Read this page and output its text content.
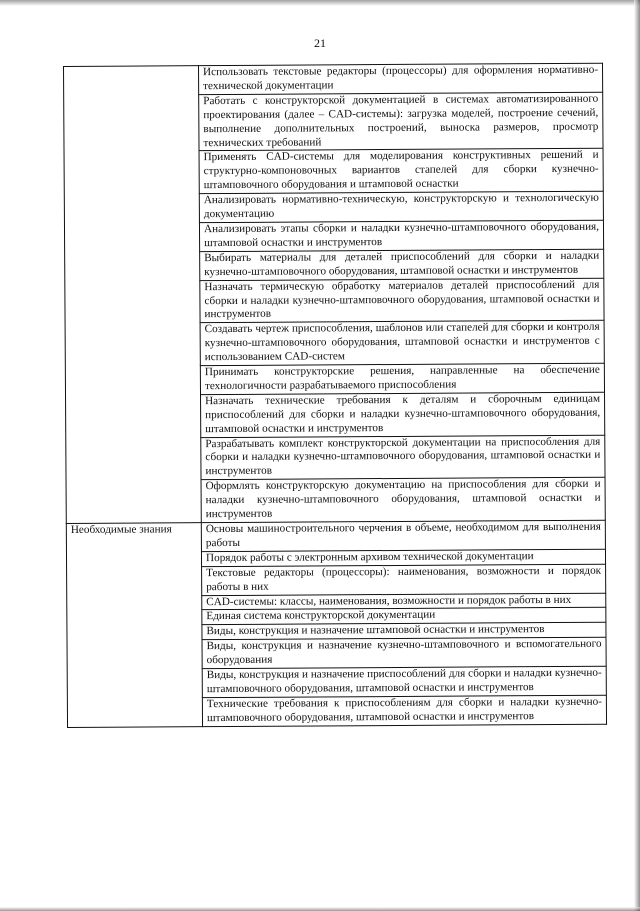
21
	Использовать текстовые редакторы (процессоры) для оформления нормативно-технической документации
	Работать с конструкторской документацией в системах автоматизированного проектирования (далее – CAD-системы): загрузка моделей, построение сечений, выполнение дополнительных построений, выноска размеров, просмотр технических требований
	Применять CAD-системы для моделирования конструктивных решений и структурно-компоновочных вариантов стапелей для сборки кузнечно-штамповочного оборудования и штамповой оснастки
	Анализировать нормативно-техническую, конструкторскую и технологическую документацию
	Анализировать этапы сборки и наладки кузнечно-штамповочного оборудования, штамповой оснастки и инструментов
	Выбирать материалы для деталей приспособлений для сборки и наладки кузнечно-штамповочного оборудования, штамповой оснастки и инструментов
	Назначать термическую обработку материалов деталей приспособлений для сборки и наладки кузнечно-штамповочного оборудования, штамповой оснастки и инструментов
	Создавать чертеж приспособления, шаблонов или стапелей для сборки и контроля кузнечно-штамповочного оборудования, штамповой оснастки и инструментов с использованием CAD-систем
	Принимать конструкторские решения, направленные на обеспечение технологичности разрабатываемого приспособления
	Назначать технические требования к деталям и сборочным единицам приспособлений для сборки и наладки кузнечно-штамповочного оборудования, штамповой оснастки и инструментов
	Разрабатывать комплект конструкторской документации на приспособления для сборки и наладки кузнечно-штамповочного оборудования, штамповой оснастки и инструментов
	Оформлять конструкторскую документацию на приспособления для сборки и наладки кузнечно-штамповочного оборудования, штамповой оснастки и инструментов
Необходимые знания	Основы машиностроительного черчения в объеме, необходимом для выполнения работы
	Порядок работы с электронным архивом технической документации
	Текстовые редакторы (процессоры): наименования, возможности и порядок работы в них
	CAD-системы: классы, наименования, возможности и порядок работы в них
	Единая система конструкторской документации
	Виды, конструкция и назначение штамповой оснастки и инструментов
	Виды, конструкция и назначение кузнечно-штамповочного и вспомогательного оборудования
	Виды, конструкция и назначение приспособлений для сборки и наладки кузнечно-штамповочного оборудования, штамповой оснастки и инструментов
	Технические требования к приспособлениям для сборки и наладки кузнечно-штамповочного оборудования, штамповой оснастки и инструментов
